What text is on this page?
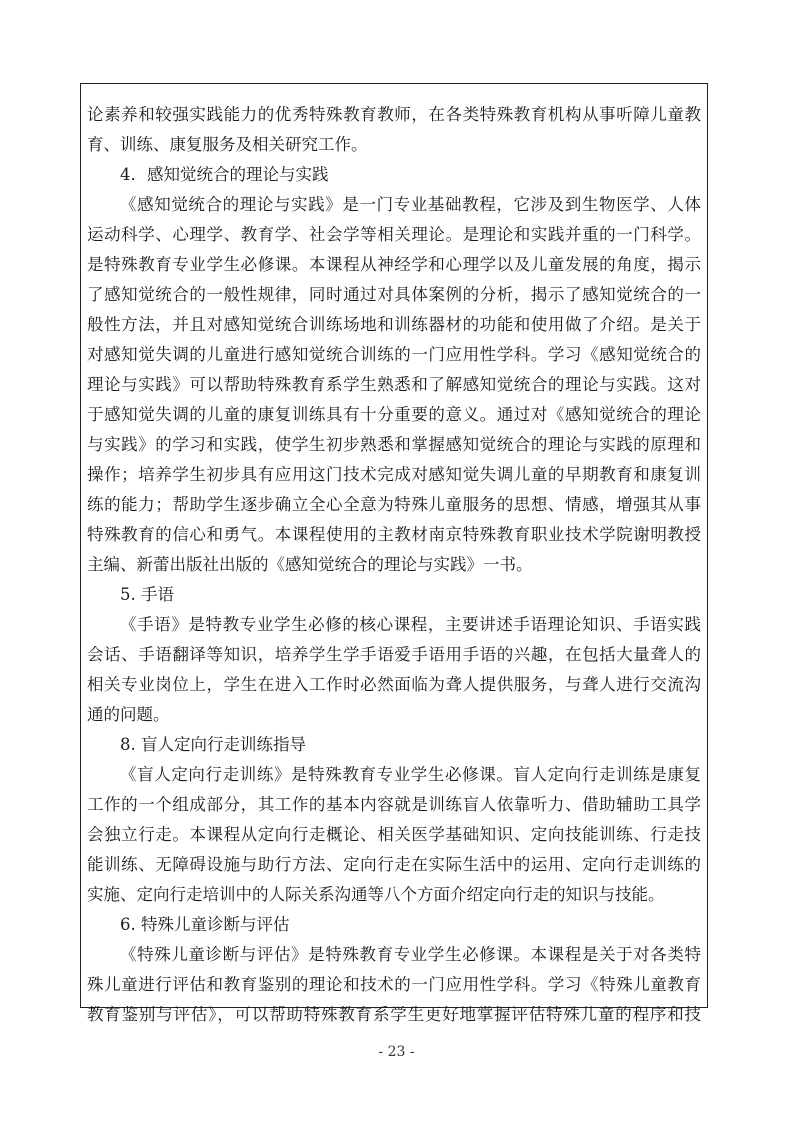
论素养和较强实践能力的优秀特殊教育教师，在各类特殊教育机构从事听障儿童教
育、训练、康复服务及相关研究工作。
4．感知觉统合的理论与实践
《感知觉统合的理论与实践》是一门专业基础教程，它涉及到生物医学、人体
运动科学、心理学、教育学、社会学等相关理论。是理论和实践并重的一门科学。
是特殊教育专业学生必修课。本课程从神经学和心理学以及儿童发展的角度，揭示
了感知觉统合的一般性规律，同时通过对具体案例的分析，揭示了感知觉统合的一
般性方法，并且对感知觉统合训练场地和训练器材的功能和使用做了介绍。是关于
对感知觉失调的儿童进行感知觉统合训练的一门应用性学科。学习《感知觉统合的
理论与实践》可以帮助特殊教育系学生熟悉和了解感知觉统合的理论与实践。这对
于感知觉失调的儿童的康复训练具有十分重要的意义。通过对《感知觉统合的理论
与实践》的学习和实践，使学生初步熟悉和掌握感知觉统合的理论与实践的原理和
操作；培养学生初步具有应用这门技术完成对感知觉失调儿童的早期教育和康复训
练的能力；帮助学生逐步确立全心全意为特殊儿童服务的思想、情感，增强其从事
特殊教育的信心和勇气。本课程使用的主教材南京特殊教育职业技术学院谢明教授
主编、新蕾出版社出版的《感知觉统合的理论与实践》一书。
5. 手语
《手语》是特教专业学生必修的核心课程，主要讲述手语理论知识、手语实践
会话、手语翻译等知识，培养学生学手语爱手语用手语的兴趣，在包括大量聋人的
相关专业岗位上，学生在进入工作时必然面临为聋人提供服务，与聋人进行交流沟
通的问题。
8. 盲人定向行走训练指导
《盲人定向行走训练》是特殊教育专业学生必修课。盲人定向行走训练是康复
工作的一个组成部分，其工作的基本内容就是训练盲人依靠听力、借助辅助工具学
会独立行走。本课程从定向行走概论、相关医学基础知识、定向技能训练、行走技
能训练、无障碍设施与助行方法、定向行走在实际生活中的运用、定向行走训练的
实施、定向行走培训中的人际关系沟通等八个方面介绍定向行走的知识与技能。
6. 特殊儿童诊断与评估
《特殊儿童诊断与评估》是特殊教育专业学生必修课。本课程是关于对各类特
殊儿童进行评估和教育鉴别的理论和技术的一门应用性学科。学习《特殊儿童教育
教育鉴别与评估》，可以帮助特殊教育系学生更好地掌握评估特殊儿童的程序和技
- 23 -
